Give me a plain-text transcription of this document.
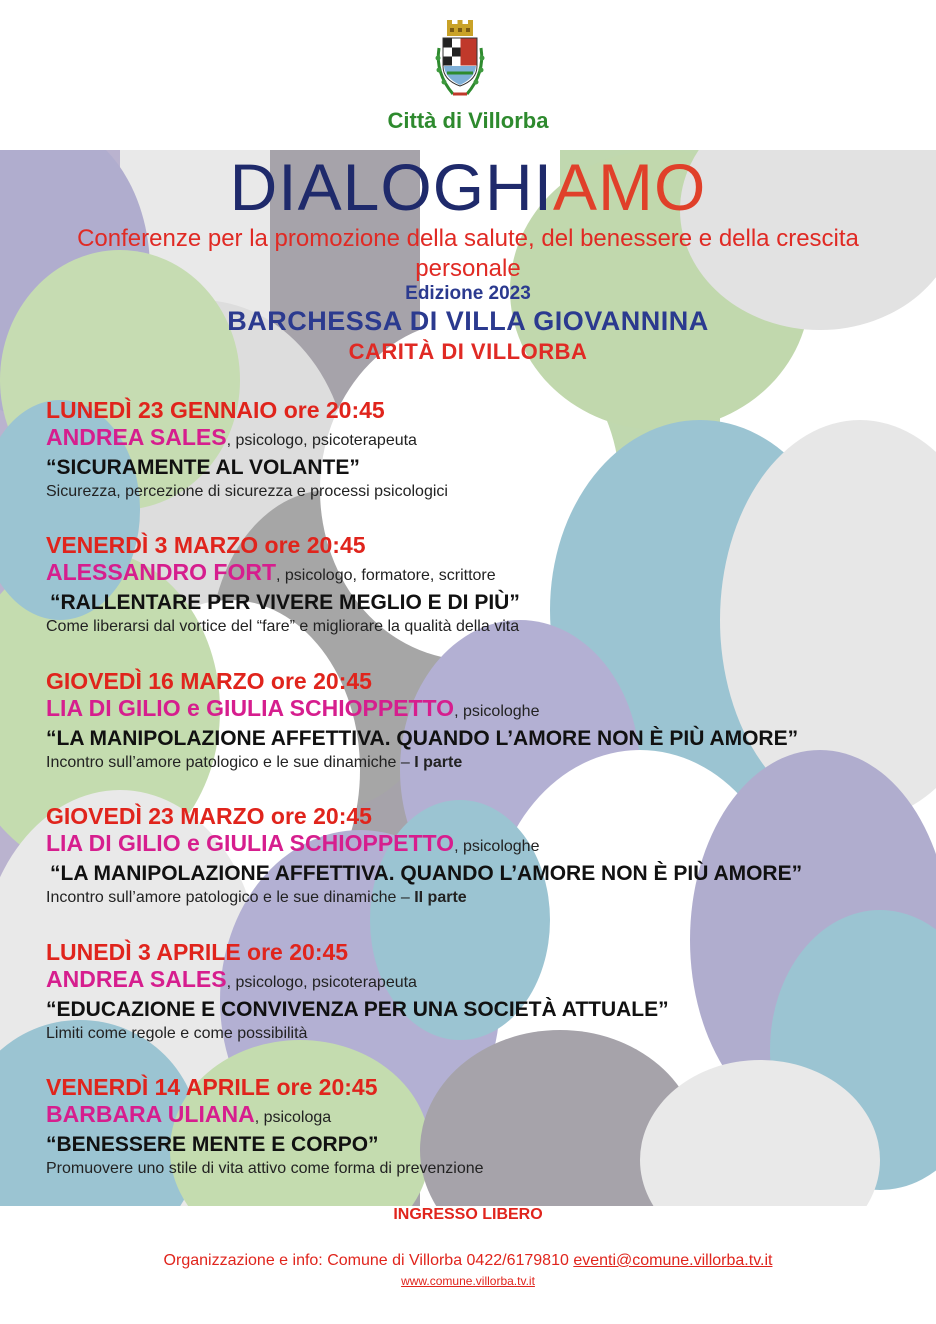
Città di Villorba
DIALOGHIAMO
Conferenze per la promozione della salute, del benessere e della crescita personale
Edizione 2023
BARCHESSA DI VILLA GIOVANNINA
CARITÀ DI VILLORBA
LUNEDÌ 23 GENNAIO ore 20:45
ANDREA SALES, psicologo, psicoterapeuta
“SICURAMENTE AL VOLANTE”
Sicurezza, percezione di sicurezza e processi psicologici
VENERDÌ 3 MARZO ore 20:45
ALESSANDRO FORT, psicologo, formatore, scrittore
“RALLENTARE PER VIVERE MEGLIO E DI PIÙ”
Come liberarsi dal vortice del “fare” e migliorare la qualità della vita
GIOVEDÌ 16 MARZO ore 20:45
LIA DI GILIO e GIULIA SCHIOPPETTO, psicologhe
“LA MANIPOLAZIONE AFFETTIVA. QUANDO L’AMORE NON È PIÙ AMORE”
Incontro sull’amore patologico e le sue dinamiche – I parte
GIOVEDÌ 23 MARZO ore 20:45
LIA DI GILIO e GIULIA SCHIOPPETTO, psicologhe
“LA MANIPOLAZIONE AFFETTIVA. QUANDO L’AMORE NON È PIÙ AMORE”
Incontro sull’amore patologico e le sue dinamiche – II parte
LUNEDÌ 3 APRILE ore 20:45
ANDREA SALES, psicologo, psicoterapeuta
“EDUCAZIONE E CONVIVENZA PER UNA SOCIETÀ ATTUALE”
Limiti come regole e come possibilità
VENERDÌ 14 APRILE ore 20:45
BARBARA ULIANA, psicologa
“BENESSERE MENTE E CORPO”
Promuovere uno stile di vita attivo come forma di prevenzione
INGRESSO LIBERO
Organizzazione e info: Comune di Villorba 0422/6179810 eventi@comune.villorba.tv.it
www.comune.villorba.tv.it
